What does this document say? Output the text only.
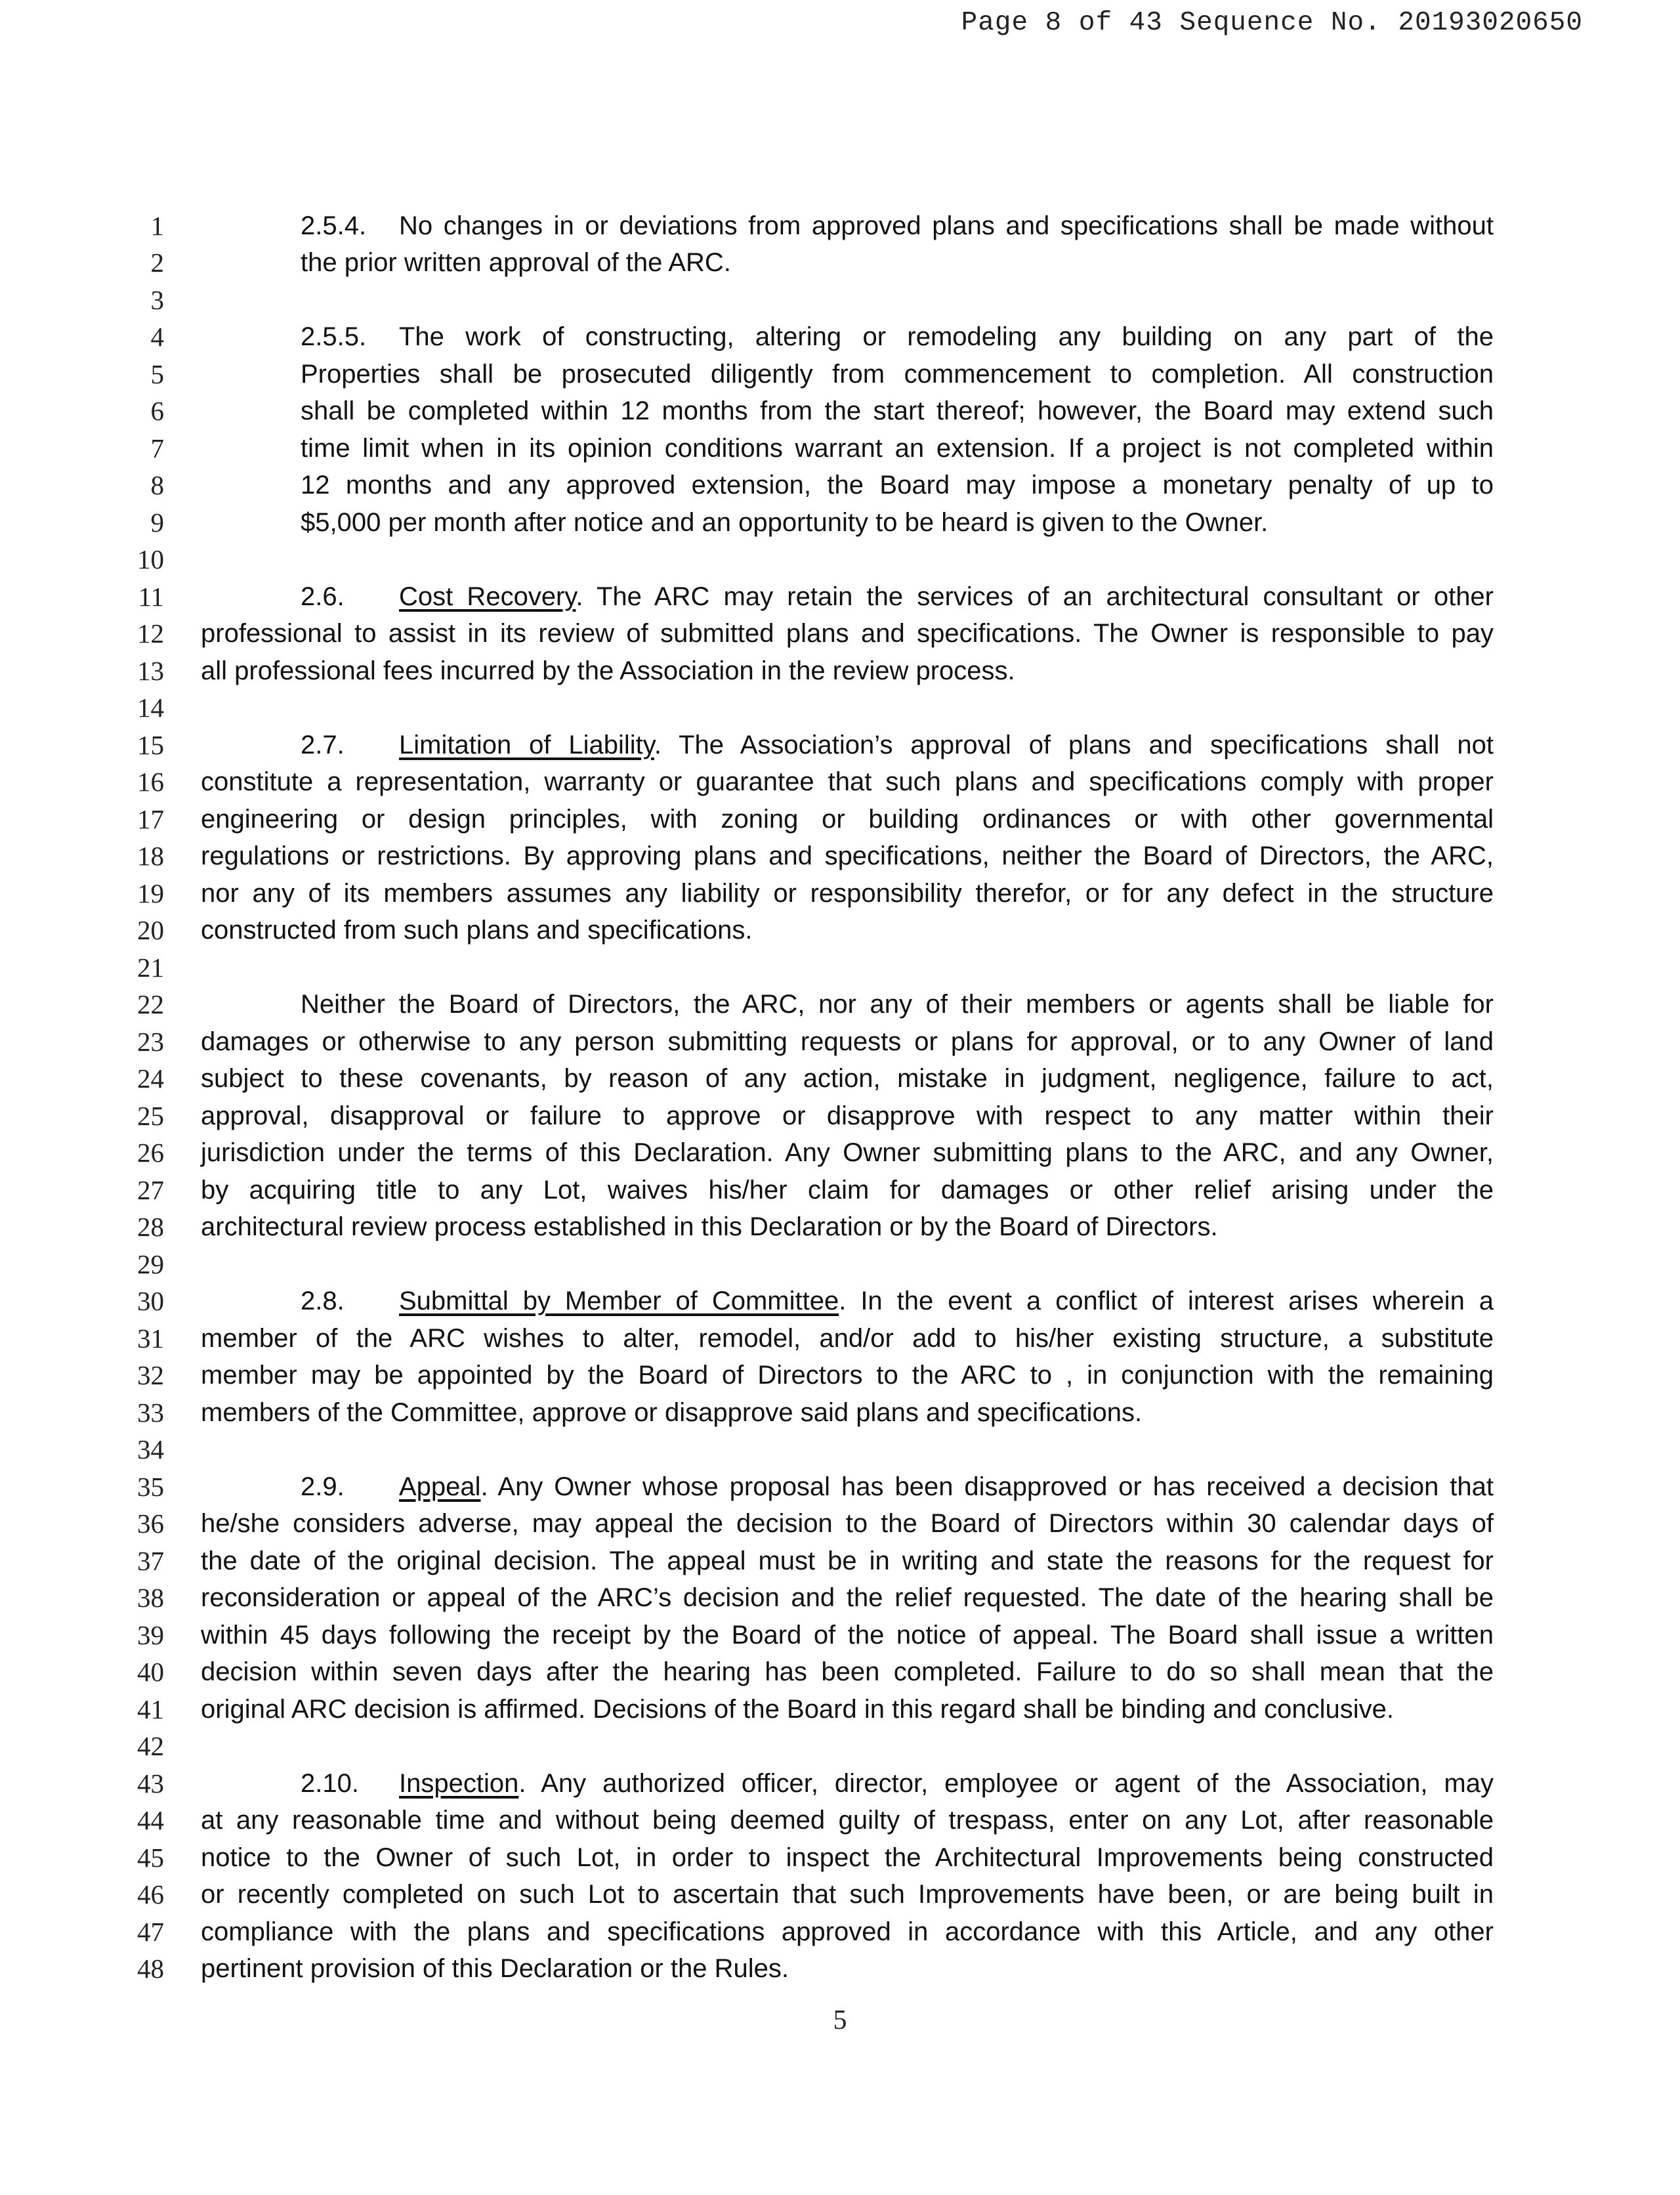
Page 8 of 43 Sequence No. 20193020650
1
2
3
4
5
6
7
8
9
10
11
12
13
14
15
16
17
18
19
20
21
22
23
24
25
26
27
28
29
30
31
32
33
34
35
36
37
38
39
40
41
42
43
44
45
46
47
48
2.5.4. No changes in or deviations from approved plans and specifications shall be made without
the prior written approval of the ARC.
2.5.5. The work of constructing, altering or remodeling any building on any part of the
Properties shall be prosecuted diligently from commencement to completion. All construction
shall be completed within 12 months from the start thereof; however, the Board may extend such
time limit when in its opinion conditions warrant an extension. If a project is not completed within
12 months and any approved extension, the Board may impose a monetary penalty of up to
$5,000 per month after notice and an opportunity to be heard is given to the Owner.
2.6. Cost Recovery. The ARC may retain the services of an architectural consultant or other
professional to assist in its review of submitted plans and specifications. The Owner is responsible to pay
all professional fees incurred by the Association in the review process.
2.7. Limitation of Liability. The Association’s approval of plans and specifications shall not
constitute a representation, warranty or guarantee that such plans and specifications comply with proper
engineering or design principles, with zoning or building ordinances or with other governmental
regulations or restrictions. By approving plans and specifications, neither the Board of Directors, the ARC,
nor any of its members assumes any liability or responsibility therefor, or for any defect in the structure
constructed from such plans and specifications.
Neither the Board of Directors, the ARC, nor any of their members or agents shall be liable for
damages or otherwise to any person submitting requests or plans for approval, or to any Owner of land
subject to these covenants, by reason of any action, mistake in judgment, negligence, failure to act,
approval, disapproval or failure to approve or disapprove with respect to any matter within their
jurisdiction under the terms of this Declaration. Any Owner submitting plans to the ARC, and any Owner,
by acquiring title to any Lot, waives his/her claim for damages or other relief arising under the
architectural review process established in this Declaration or by the Board of Directors.
2.8. Submittal by Member of Committee. In the event a conflict of interest arises wherein a
member of the ARC wishes to alter, remodel, and/or add to his/her existing structure, a substitute
member may be appointed by the Board of Directors to the ARC to , in conjunction with the remaining
members of the Committee, approve or disapprove said plans and specifications.
2.9. Appeal. Any Owner whose proposal has been disapproved or has received a decision that
he/she considers adverse, may appeal the decision to the Board of Directors within 30 calendar days of
the date of the original decision. The appeal must be in writing and state the reasons for the request for
reconsideration or appeal of the ARC’s decision and the relief requested. The date of the hearing shall be
within 45 days following the receipt by the Board of the notice of appeal. The Board shall issue a written
decision within seven days after the hearing has been completed. Failure to do so shall mean that the
original ARC decision is affirmed. Decisions of the Board in this regard shall be binding and conclusive.
2.10. Inspection. Any authorized officer, director, employee or agent of the Association, may
at any reasonable time and without being deemed guilty of trespass, enter on any Lot, after reasonable
notice to the Owner of such Lot, in order to inspect the Architectural Improvements being constructed
or recently completed on such Lot to ascertain that such Improvements have been, or are being built in
compliance with the plans and specifications approved in accordance with this Article, and any other
pertinent provision of this Declaration or the Rules.
5
